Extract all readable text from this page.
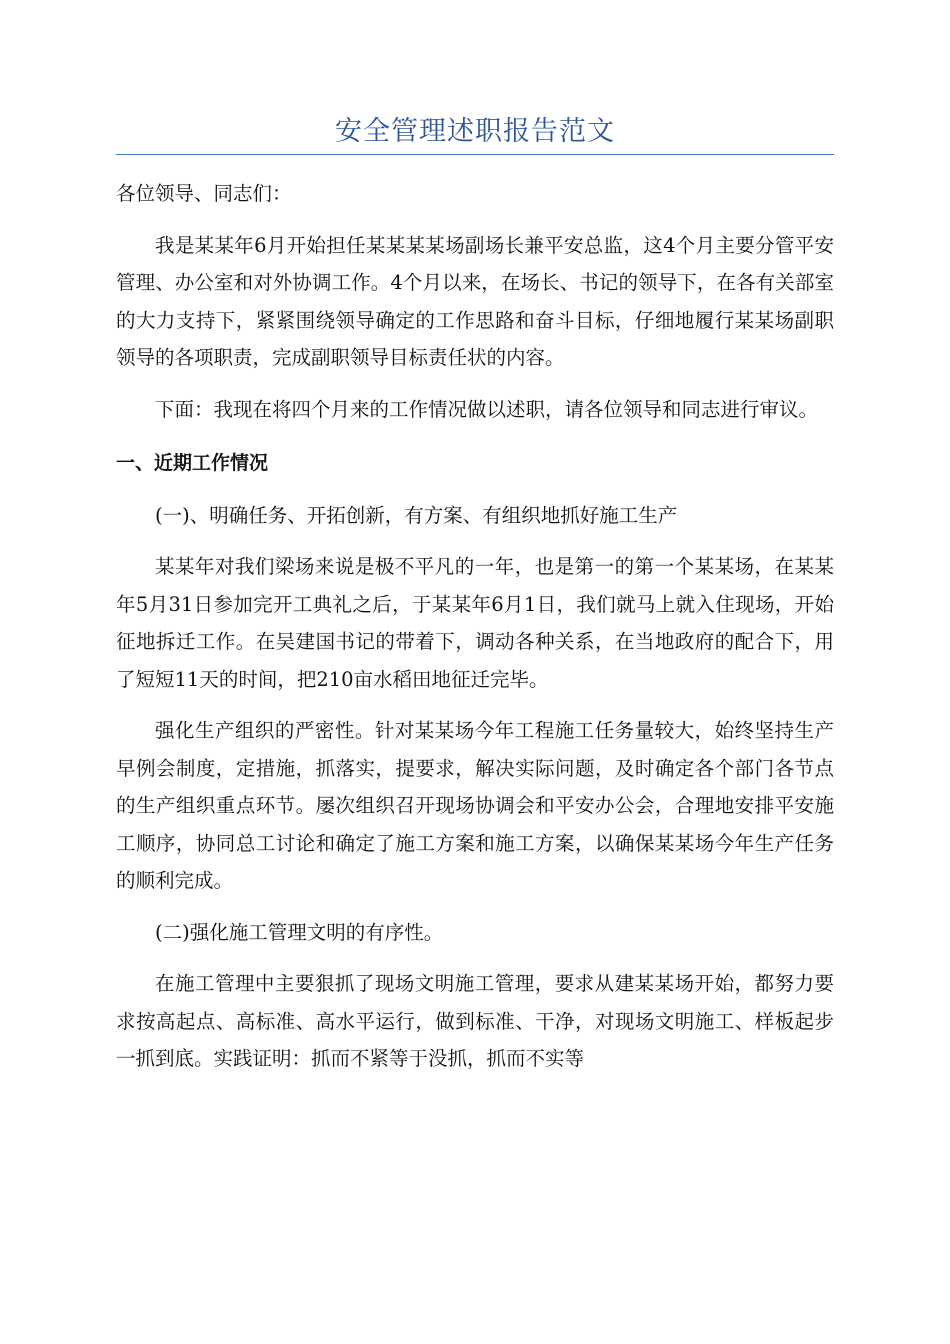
安全管理述职报告范文

各位领导、同志们：

我是某某年6月开始担任某某某某场副场长兼平安总监，这4个月主要分管平安管理、办公室和对外协调工作。4个月以来，在场长、书记的领导下，在各有关部室的大力支持下，紧紧围绕领导确定的工作思路和奋斗目标，仔细地履行某某场副职领导的各项职责，完成副职领导目标责任状的内容。

下面：我现在将四个月来的工作情况做以述职，请各位领导和同志进行审议。

一、近期工作情况

(一)、明确任务、开拓创新，有方案、有组织地抓好施工生产

某某年对我们梁场来说是极不平凡的一年，也是第一的第一个某某场，在某某年5月31日参加完开工典礼之后，于某某年6月1日，我们就马上就入住现场，开始征地拆迁工作。在吴建国书记的带着下，调动各种关系，在当地政府的配合下，用了短短11天的时间，把210亩水稻田地征迁完毕。

强化生产组织的严密性。针对某某场今年工程施工任务量较大，始终坚持生产早例会制度，定措施，抓落实，提要求，解决实际问题，及时确定各个部门各节点的生产组织重点环节。屡次组织召开现场协调会和平安办公会，合理地安排平安施工顺序，协同总工讨论和确定了施工方案和施工方案，以确保某某场今年生产任务的顺利完成。

(二)强化施工管理文明的有序性。

在施工管理中主要狠抓了现场文明施工管理，要求从建某某场开始，都努力要求按高起点、高标准、高水平运行，做到标准、干净，对现场文明施工、样板起步一抓到底。实践证明：抓而不紧等于没抓，抓而不实等
